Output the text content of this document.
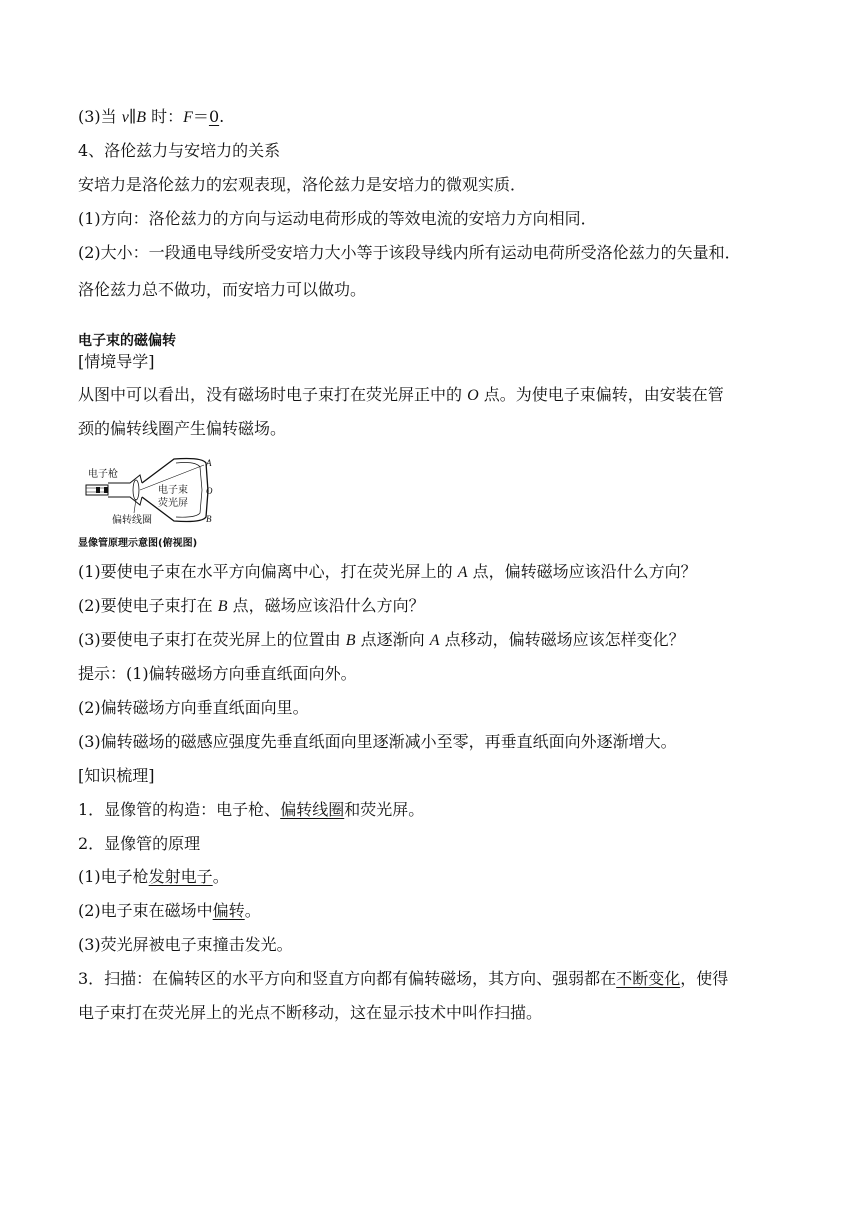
(3)当 v∥B 时：F＝0.
4、洛伦兹力与安培力的关系
安培力是洛伦兹力的宏观表现，洛伦兹力是安培力的微观实质．
(1)方向：洛伦兹力的方向与运动电荷形成的等效电流的安培力方向相同．
(2)大小：一段通电导线所受安培力大小等于该段导线内所有运动电荷所受洛伦兹力的矢量和．
洛伦兹力总不做功，而安培力可以做功。
电子束的磁偏转
[情境导学]
从图中可以看出，没有磁场时电子束打在荧光屏正中的 O 点。为使电子束偏转，由安装在管
颈的偏转线圈产生偏转磁场。
电子枪
电子束
荧光屏
偏转线圈
A
O
B
显像管原理示意图(俯视图)
(1)要使电子束在水平方向偏离中心，打在荧光屏上的 A 点，偏转磁场应该沿什么方向？
(2)要使电子束打在 B 点，磁场应该沿什么方向？
(3)要使电子束打在荧光屏上的位置由 B 点逐渐向 A 点移动，偏转磁场应该怎样变化？
提示：(1)偏转磁场方向垂直纸面向外。
(2)偏转磁场方向垂直纸面向里。
(3)偏转磁场的磁感应强度先垂直纸面向里逐渐减小至零，再垂直纸面向外逐渐增大。
[知识梳理]
1．显像管的构造：电子枪、偏转线圈和荧光屏。
2．显像管的原理
(1)电子枪发射电子。
(2)电子束在磁场中偏转。
(3)荧光屏被电子束撞击发光。
3．扫描：在偏转区的水平方向和竖直方向都有偏转磁场，其方向、强弱都在不断变化，使得
电子束打在荧光屏上的光点不断移动，这在显示技术中叫作扫描。
